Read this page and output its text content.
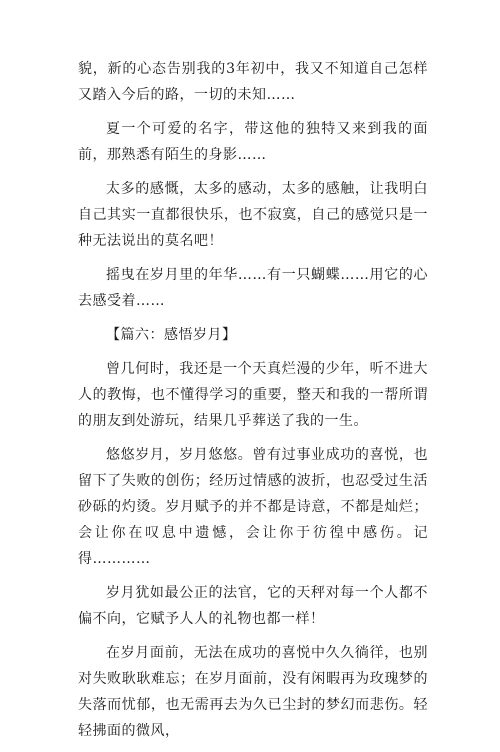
貌，新的心态告别我的3年初中，我又不知道自己怎样又踏入今后的路，一切的未知……

夏一个可爱的名字，带这他的独特又来到我的面前，那熟悉有陌生的身影……

太多的感慨，太多的感动，太多的感触，让我明白自己其实一直都很快乐，也不寂寞，自己的感觉只是一种无法说出的莫名吧！

摇曳在岁月里的年华……有一只蝴蝶……用它的心去感受着……

【篇六：感悟岁月】

曾几何时，我还是一个天真烂漫的少年，听不进大人的教悔，也不懂得学习的重要，整天和我的一帮所谓的朋友到处游玩，结果几乎葬送了我的一生。

悠悠岁月，岁月悠悠。曾有过事业成功的喜悦，也留下了失败的创伤；经历过情感的波折，也忍受过生活砂砾的灼烫。岁月赋予的并不都是诗意，不都是灿烂；会让你在叹息中遗憾，会让你于彷徨中感伤。记得…………

岁月犹如最公正的法官，它的天秤对每一个人都不偏不向，它赋予人人的礼物也都一样！

在岁月面前，无法在成功的喜悦中久久徜徉，也别对失败耿耿难忘；在岁月面前，没有闲暇再为玫瑰梦的失落而忧郁，也无需再去为久已尘封的梦幻而悲伤。轻轻拂面的微风，
